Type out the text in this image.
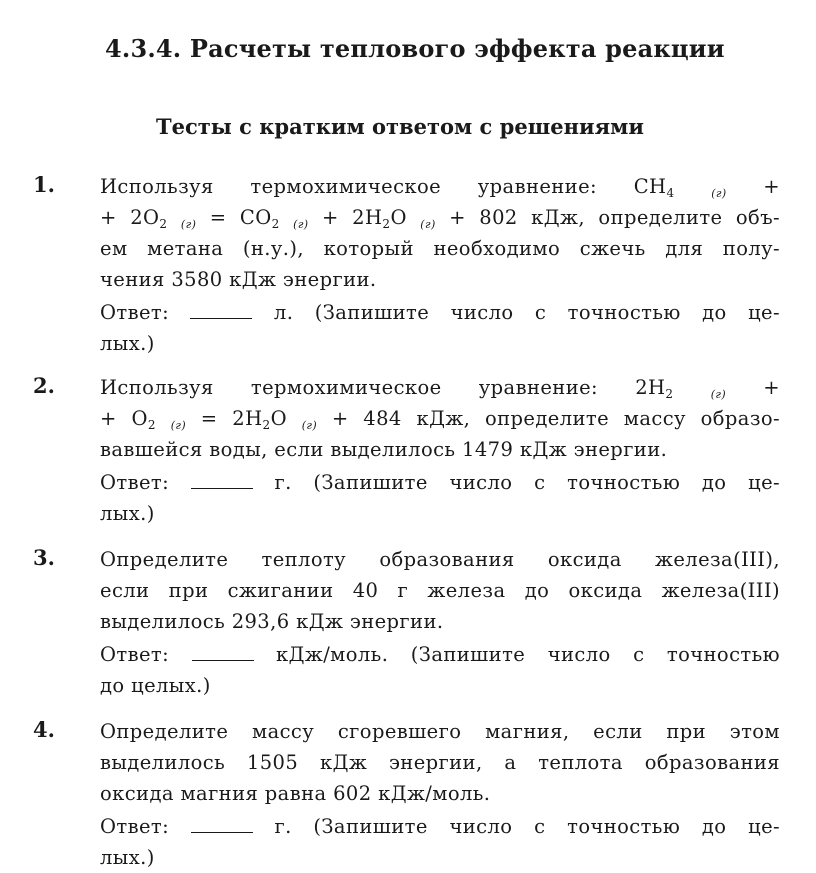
4.3.4. Расчеты теплового эффекта реакции
Тесты с кратким ответом с решениями
1. Используя термохимическое уравнение: $CH_4$	$_{(г)}$ +
+ $2O_2$ $_{(г)} = CO_2$ $_{(г)} + 2H_2O$ $_{(г)}$ + 802 кДж, определите объ-
ем метана (н.у.), который необходимо сжечь для полу-
чения 3580 кДж энергии.
Ответ:	л. (Запишите число с точностью до це-
лых.)
2. Используя термохимическое уравнение: $2H_2$	$_{(г)}$ +
+ $O_2$ $_{(г)} = 2H_2O$ $_{(г)}$ + 484 кДж, определите массу образо-
вавшейся воды, если выделилось 1479 кДж энергии.
Ответ:	г. (Запишите число с точностью до це-
лых.)
3. Определите теплоту образования оксида железа(III),
если при сжигании 40 г железа до оксида железа(III)
выделилось 293,6 кДж энергии.
Ответ:	кДж/моль. (Запишите число с точностью
до целых.)
4. Определите массу сгоревшего магния, если при этом
выделилось 1505 кДж энергии, а теплота образования
оксида магния равна 602 кДж/моль.
Ответ:	г. (Запишите число с точностью до це-
лых.)
